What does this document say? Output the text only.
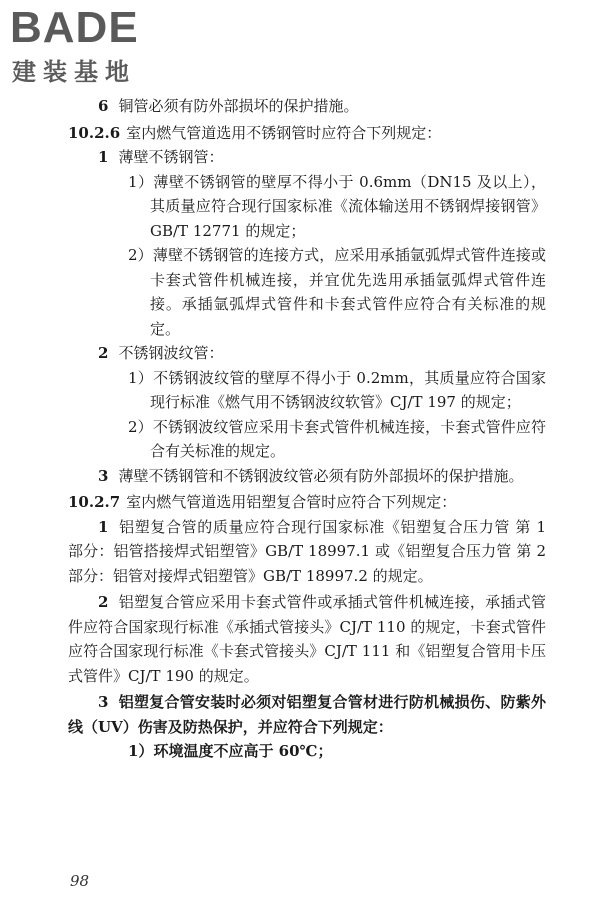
BADE
建装基地

6 铜管必须有防外部损坏的保护措施。

10.2.6 室内燃气管道选用不锈钢管时应符合下列规定：

1 薄壁不锈钢管：

1）薄壁不锈钢管的壁厚不得小于 0.6mm（DN15 及以上），其质量应符合现行国家标准《流体输送用不锈钢焊接钢管》GB/T 12771 的规定；

2）薄壁不锈钢管的连接方式，应采用承插氩弧焊式管件连接或卡套式管件机械连接，并宜优先选用承插氩弧焊式管件连接。承插氩弧焊式管件和卡套式管件应符合有关标准的规定。

2 不锈钢波纹管：

1）不锈钢波纹管的壁厚不得小于 0.2mm，其质量应符合国家现行标准《燃气用不锈钢波纹软管》CJ/T 197 的规定；

2）不锈钢波纹管应采用卡套式管件机械连接，卡套式管件应符合有关标准的规定。

3 薄壁不锈钢管和不锈钢波纹管必须有防外部损坏的保护措施。

10.2.7 室内燃气管道选用铝塑复合管时应符合下列规定：

1 铝塑复合管的质量应符合现行国家标准《铝塑复合压力管 第 1 部分：铝管搭接焊式铝塑管》GB/T 18997.1 或《铝塑复合压力管 第 2 部分：铝管对接焊式铝塑管》GB/T 18997.2 的规定。

2 铝塑复合管应采用卡套式管件或承插式管件机械连接，承插式管件应符合国家现行标准《承插式管接头》CJ/T 110 的规定，卡套式管件应符合国家现行标准《卡套式管接头》CJ/T 111 和《铝塑复合管用卡压式管件》CJ/T 190 的规定。

3 铝塑复合管安装时必须对铝塑复合管材进行防机械损伤、防紫外线（UV）伤害及防热保护，并应符合下列规定：

1）环境温度不应高于 60℃；

98
